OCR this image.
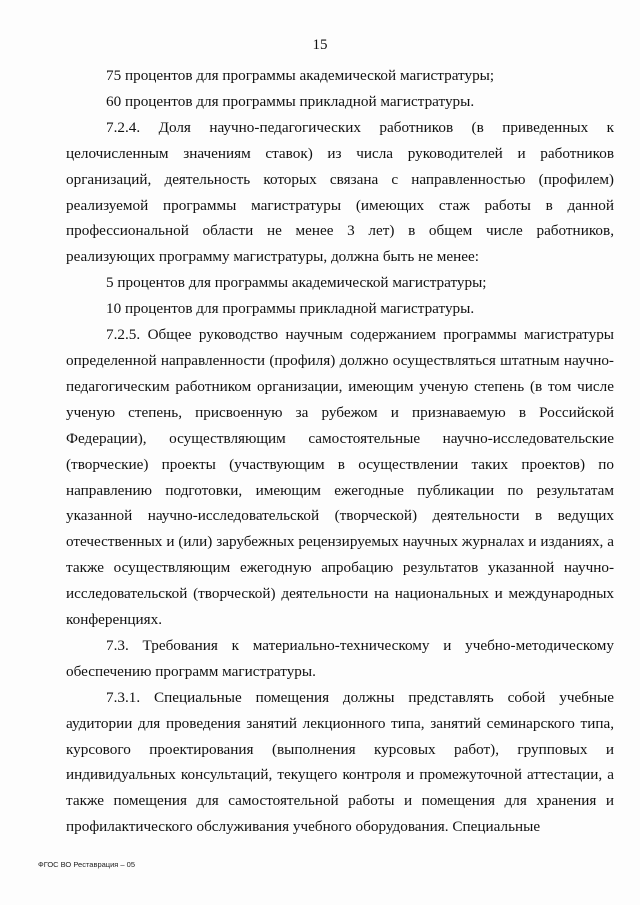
15

75 процентов для программы академической магистратуры;

60 процентов для программы прикладной магистратуры.

7.2.4. Доля научно-педагогических работников (в приведенных к целочисленным значениям ставок) из числа руководителей и работников организаций, деятельность которых связана с направленностью (профилем) реализуемой программы магистратуры (имеющих стаж работы в данной профессиональной области не менее 3 лет) в общем числе работников, реализующих программу магистратуры, должна быть не менее:

5 процентов для программы академической магистратуры;

10 процентов для программы прикладной магистратуры.

7.2.5. Общее руководство научным содержанием программы магистратуры определенной направленности (профиля) должно осуществляться штатным научно-педагогическим работником организации, имеющим ученую степень (в том числе ученую степень, присвоенную за рубежом и признаваемую в Российской Федерации), осуществляющим самостоятельные научно-исследовательские (творческие) проекты (участвующим в осуществлении таких проектов) по направлению подготовки, имеющим ежегодные публикации по результатам указанной научно-исследовательской (творческой) деятельности в ведущих отечественных и (или) зарубежных рецензируемых научных журналах и изданиях, а также осуществляющим ежегодную апробацию результатов указанной научно-исследовательской (творческой) деятельности на национальных и международных конференциях.

7.3. Требования к материально-техническому и учебно-методическому обеспечению программ магистратуры.

7.3.1. Специальные помещения должны представлять собой учебные аудитории для проведения занятий лекционного типа, занятий семинарского типа, курсового проектирования (выполнения курсовых работ), групповых и индивидуальных консультаций, текущего контроля и промежуточной аттестации, а также помещения для самостоятельной работы и помещения для хранения и профилактического обслуживания учебного оборудования. Специальные

ФГОС ВО Реставрация – 05
